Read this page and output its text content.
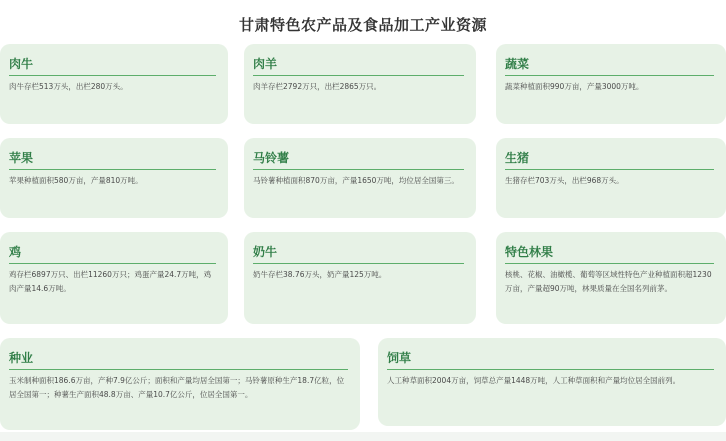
甘肃特色农产品及食品加工产业资源
肉牛
肉牛存栏513万头，出栏280万头。
肉羊
肉羊存栏2792万只，出栏2865万只。
蔬菜
蔬菜种植面积990万亩，产量3000万吨。
苹果
苹果种植面积580万亩，产量810万吨。
马铃薯
马铃薯种植面积870万亩，产量1650万吨，均位居全国第三。
生猪
生猪存栏703万头，出栏968万头。
鸡
鸡存栏6897万只、出栏11260万只；鸡蛋产量24.7万吨，鸡肉产量14.6万吨。
奶牛
奶牛存栏38.76万头，奶产量125万吨。
特色林果
核桃、花椒、油橄榄、葡萄等区域性特色产业种植面积超1230万亩，产量超90万吨，林果质量在全国名列前茅。
种业
玉米制种面积186.6万亩，产种7.9亿公斤；面积和产量均居全国第一；马铃薯原种生产18.7亿粒，位居全国第一；种薯生产面积48.8万亩、产量10.7亿公斤，位居全国第一。
饲草
人工种草面积2004万亩，饲草总产量1448万吨，人工种草面积和产量均位居全国前列。
